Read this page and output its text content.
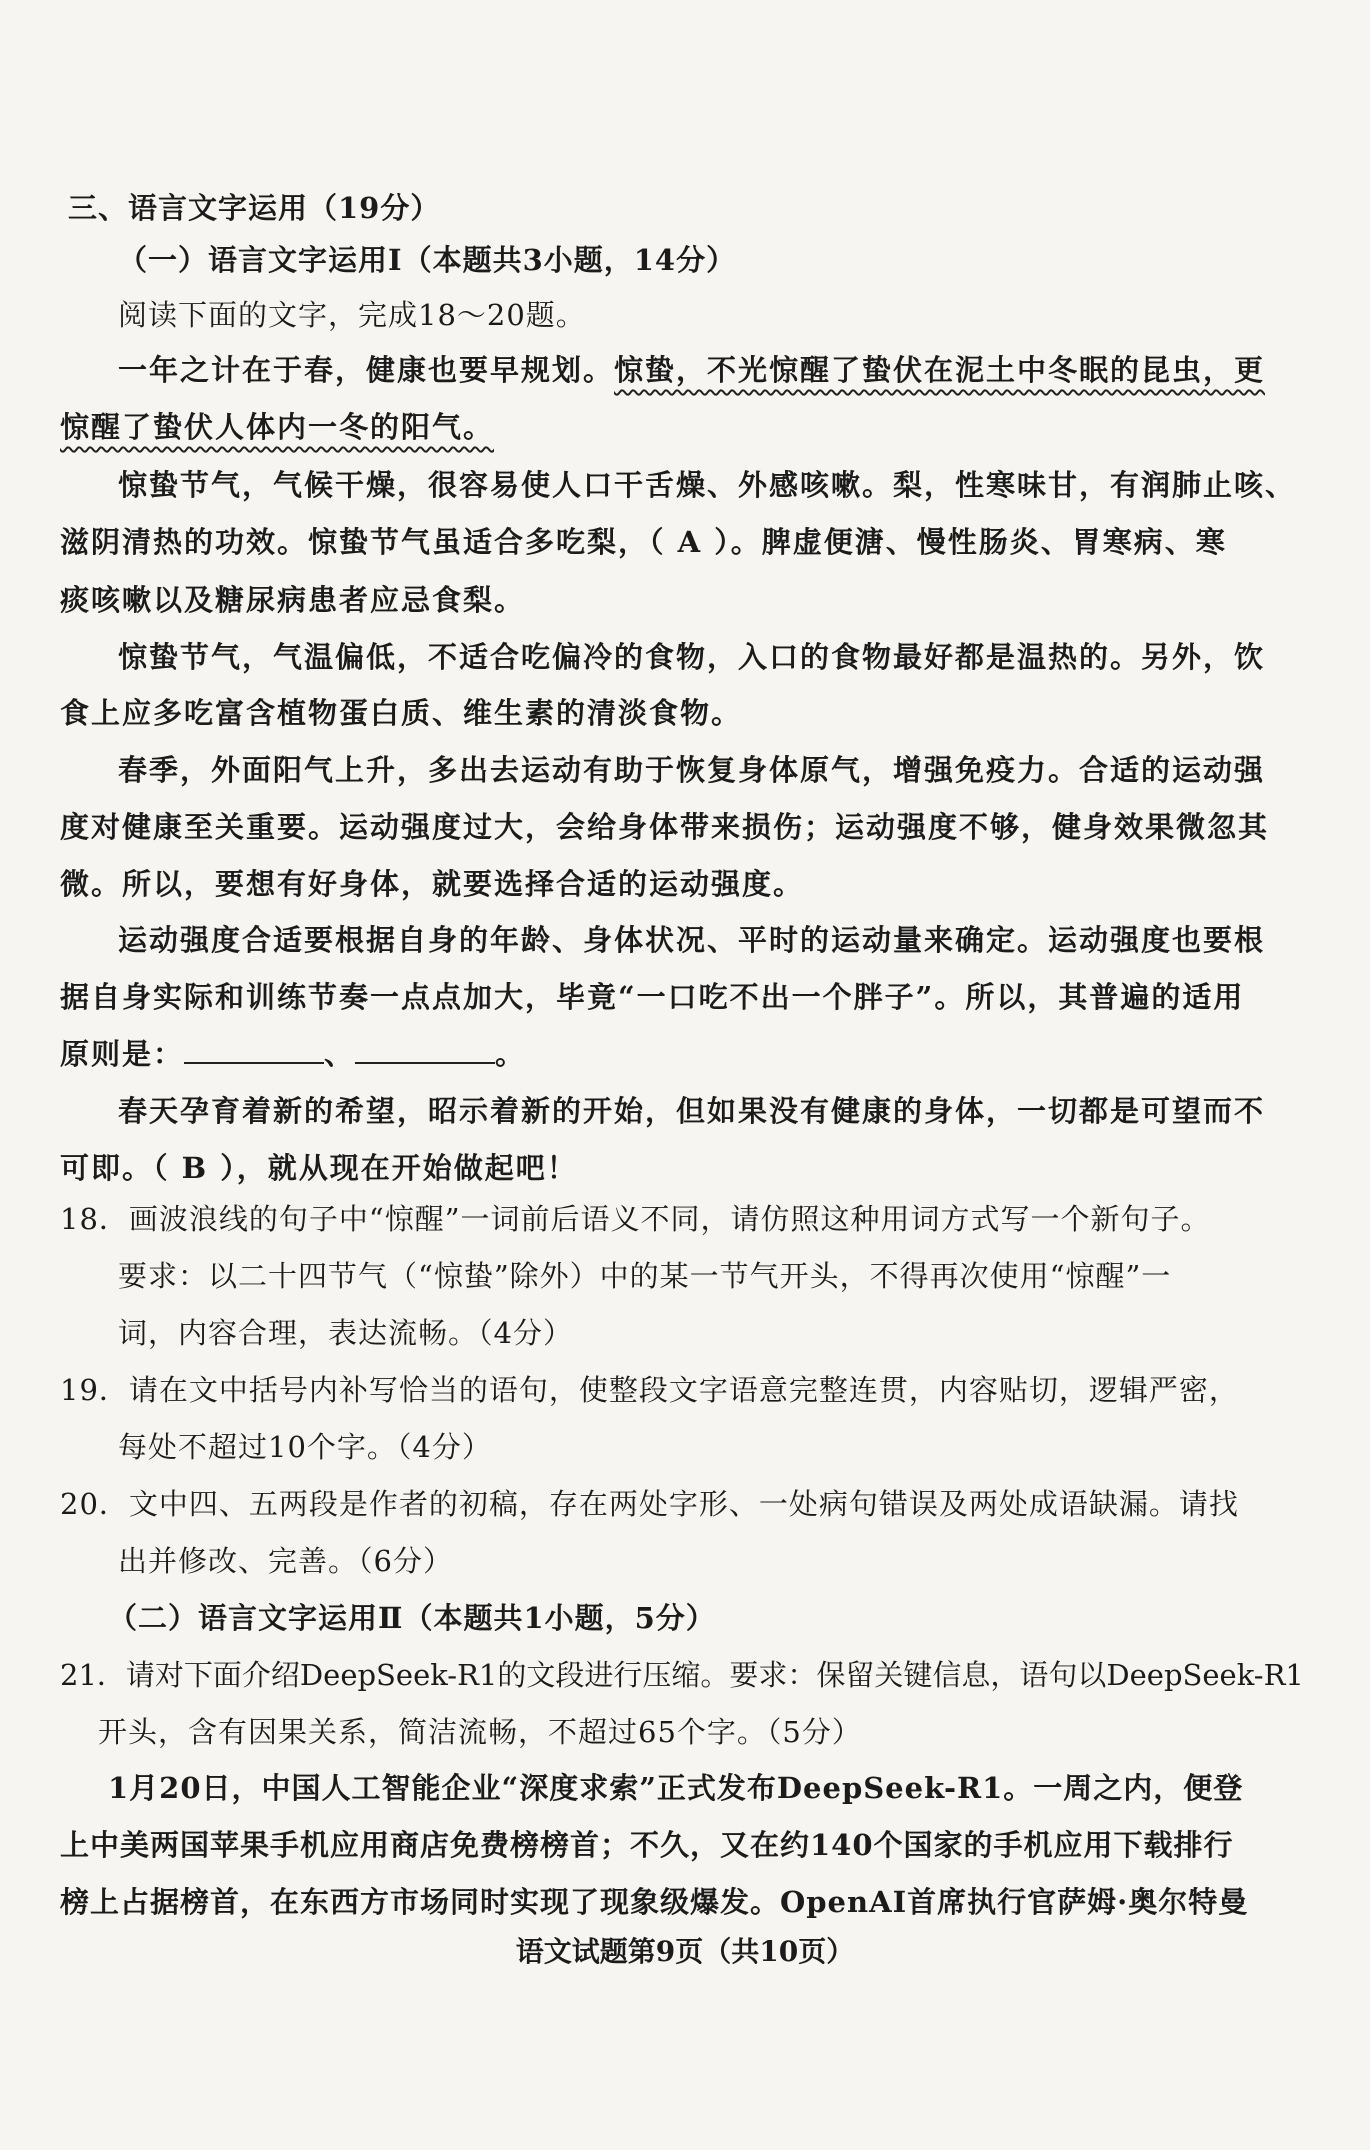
三、语言文字运用（19分）
（一）语言文字运用Ⅰ（本题共3小题，14分）
阅读下面的文字，完成18～20题。
一年之计在于春，健康也要早规划。惊蛰，不光惊醒了蛰伏在泥土中冬眠的昆虫，更
惊醒了蛰伏人体内一冬的阳气。
惊蛰节气，气候干燥，很容易使人口干舌燥、外感咳嗽。梨，性寒味甘，有润肺止咳、
滋阴清热的功效。惊蛰节气虽适合多吃梨，（ A ）。脾虚便溏、慢性肠炎、胃寒病、寒
痰咳嗽以及糖尿病患者应忌食梨。
惊蛰节气，气温偏低，不适合吃偏冷的食物，入口的食物最好都是温热的。另外，饮
食上应多吃富含植物蛋白质、维生素的清淡食物。
春季，外面阳气上升，多出去运动有助于恢复身体原气，增强免疫力。合适的运动强
度对健康至关重要。运动强度过大，会给身体带来损伤；运动强度不够，健身效果微忽其
微。所以，要想有好身体，就要选择合适的运动强度。
运动强度合适要根据自身的年龄、身体状况、平时的运动量来确定。运动强度也要根
据自身实际和训练节奏一点点加大，毕竟“一口吃不出一个胖子”。所以，其普遍的适用
原则是：	、	。
春天孕育着新的希望，昭示着新的开始，但如果没有健康的身体，一切都是可望而不
可即。（ B ），就从现在开始做起吧！
18．画波浪线的句子中“惊醒”一词前后语义不同，请仿照这种用词方式写一个新句子。
要求：以二十四节气（“惊蛰”除外）中的某一节气开头，不得再次使用“惊醒”一
词，内容合理，表达流畅。（4分）
19．请在文中括号内补写恰当的语句，使整段文字语意完整连贯，内容贴切，逻辑严密，
每处不超过10个字。（4分）
20．文中四、五两段是作者的初稿，存在两处字形、一处病句错误及两处成语缺漏。请找
出并修改、完善。（6分）
（二）语言文字运用Ⅱ（本题共1小题，5分）
21．请对下面介绍DeepSeek-R1的文段进行压缩。要求：保留关键信息，语句以DeepSeek-R1
开头，含有因果关系，简洁流畅，不超过65个字。（5分）
1月20日，中国人工智能企业“深度求索”正式发布DeepSeek-R1。一周之内，便登
上中美两国苹果手机应用商店免费榜榜首；不久，又在约140个国家的手机应用下载排行
榜上占据榜首，在东西方市场同时实现了现象级爆发。OpenAI首席执行官萨姆·奥尔特曼
语文试题第9页（共10页）
